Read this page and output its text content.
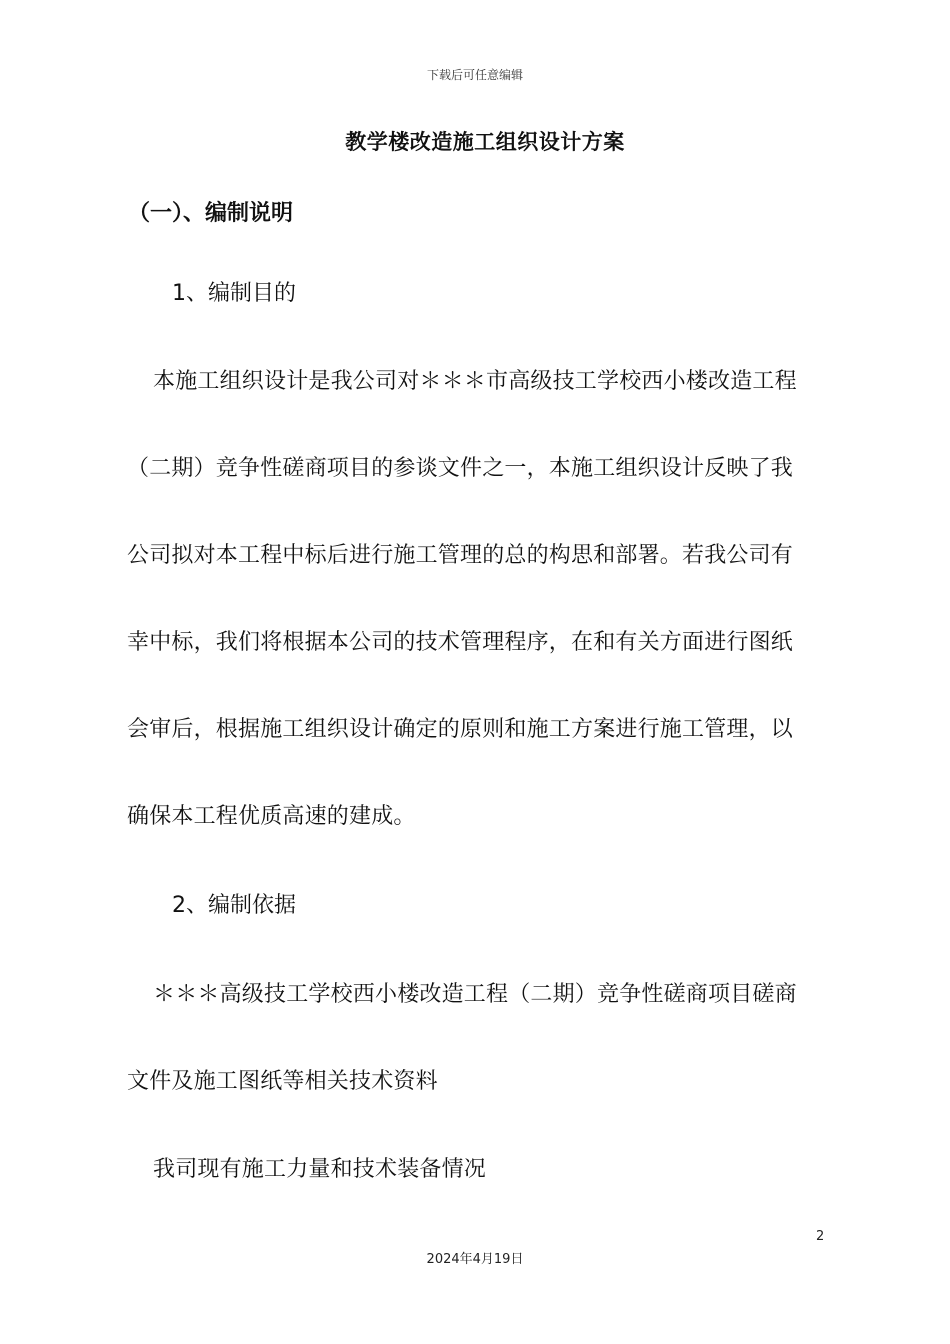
下载后可任意编辑
教学楼改造施工组织设计方案
（一）、编制说明
1、编制目的
本施工组织设计是我公司对＊＊＊市高级技工学校西小楼改造工程
（二期）竞争性磋商项目的参谈文件之一，本施工组织设计反映了我
公司拟对本工程中标后进行施工管理的总的构思和部署。若我公司有
幸中标，我们将根据本公司的技术管理程序，在和有关方面进行图纸
会审后，根据施工组织设计确定的原则和施工方案进行施工管理，以
确保本工程优质高速的建成。
2、编制依据
＊＊＊高级技工学校西小楼改造工程（二期）竞争性磋商项目磋商
文件及施工图纸等相关技术资料
我司现有施工力量和技术装备情况
2
2024年4月19日
